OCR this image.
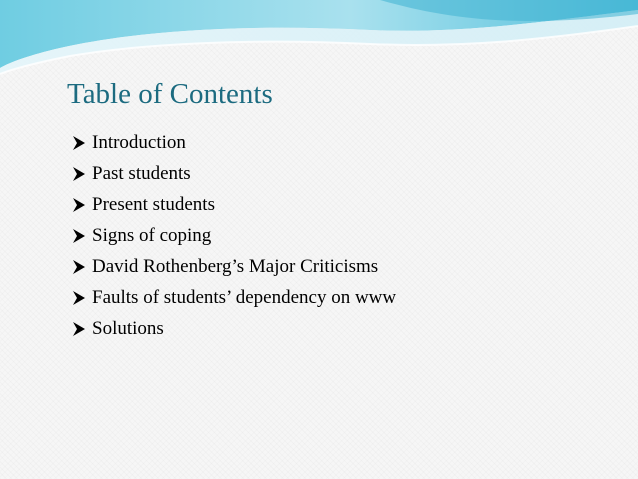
Table of Contents
Introduction
Past students
Present students
Signs of coping
David Rothenberg’s Major Criticisms
Faults of students’ dependency on www
Solutions
